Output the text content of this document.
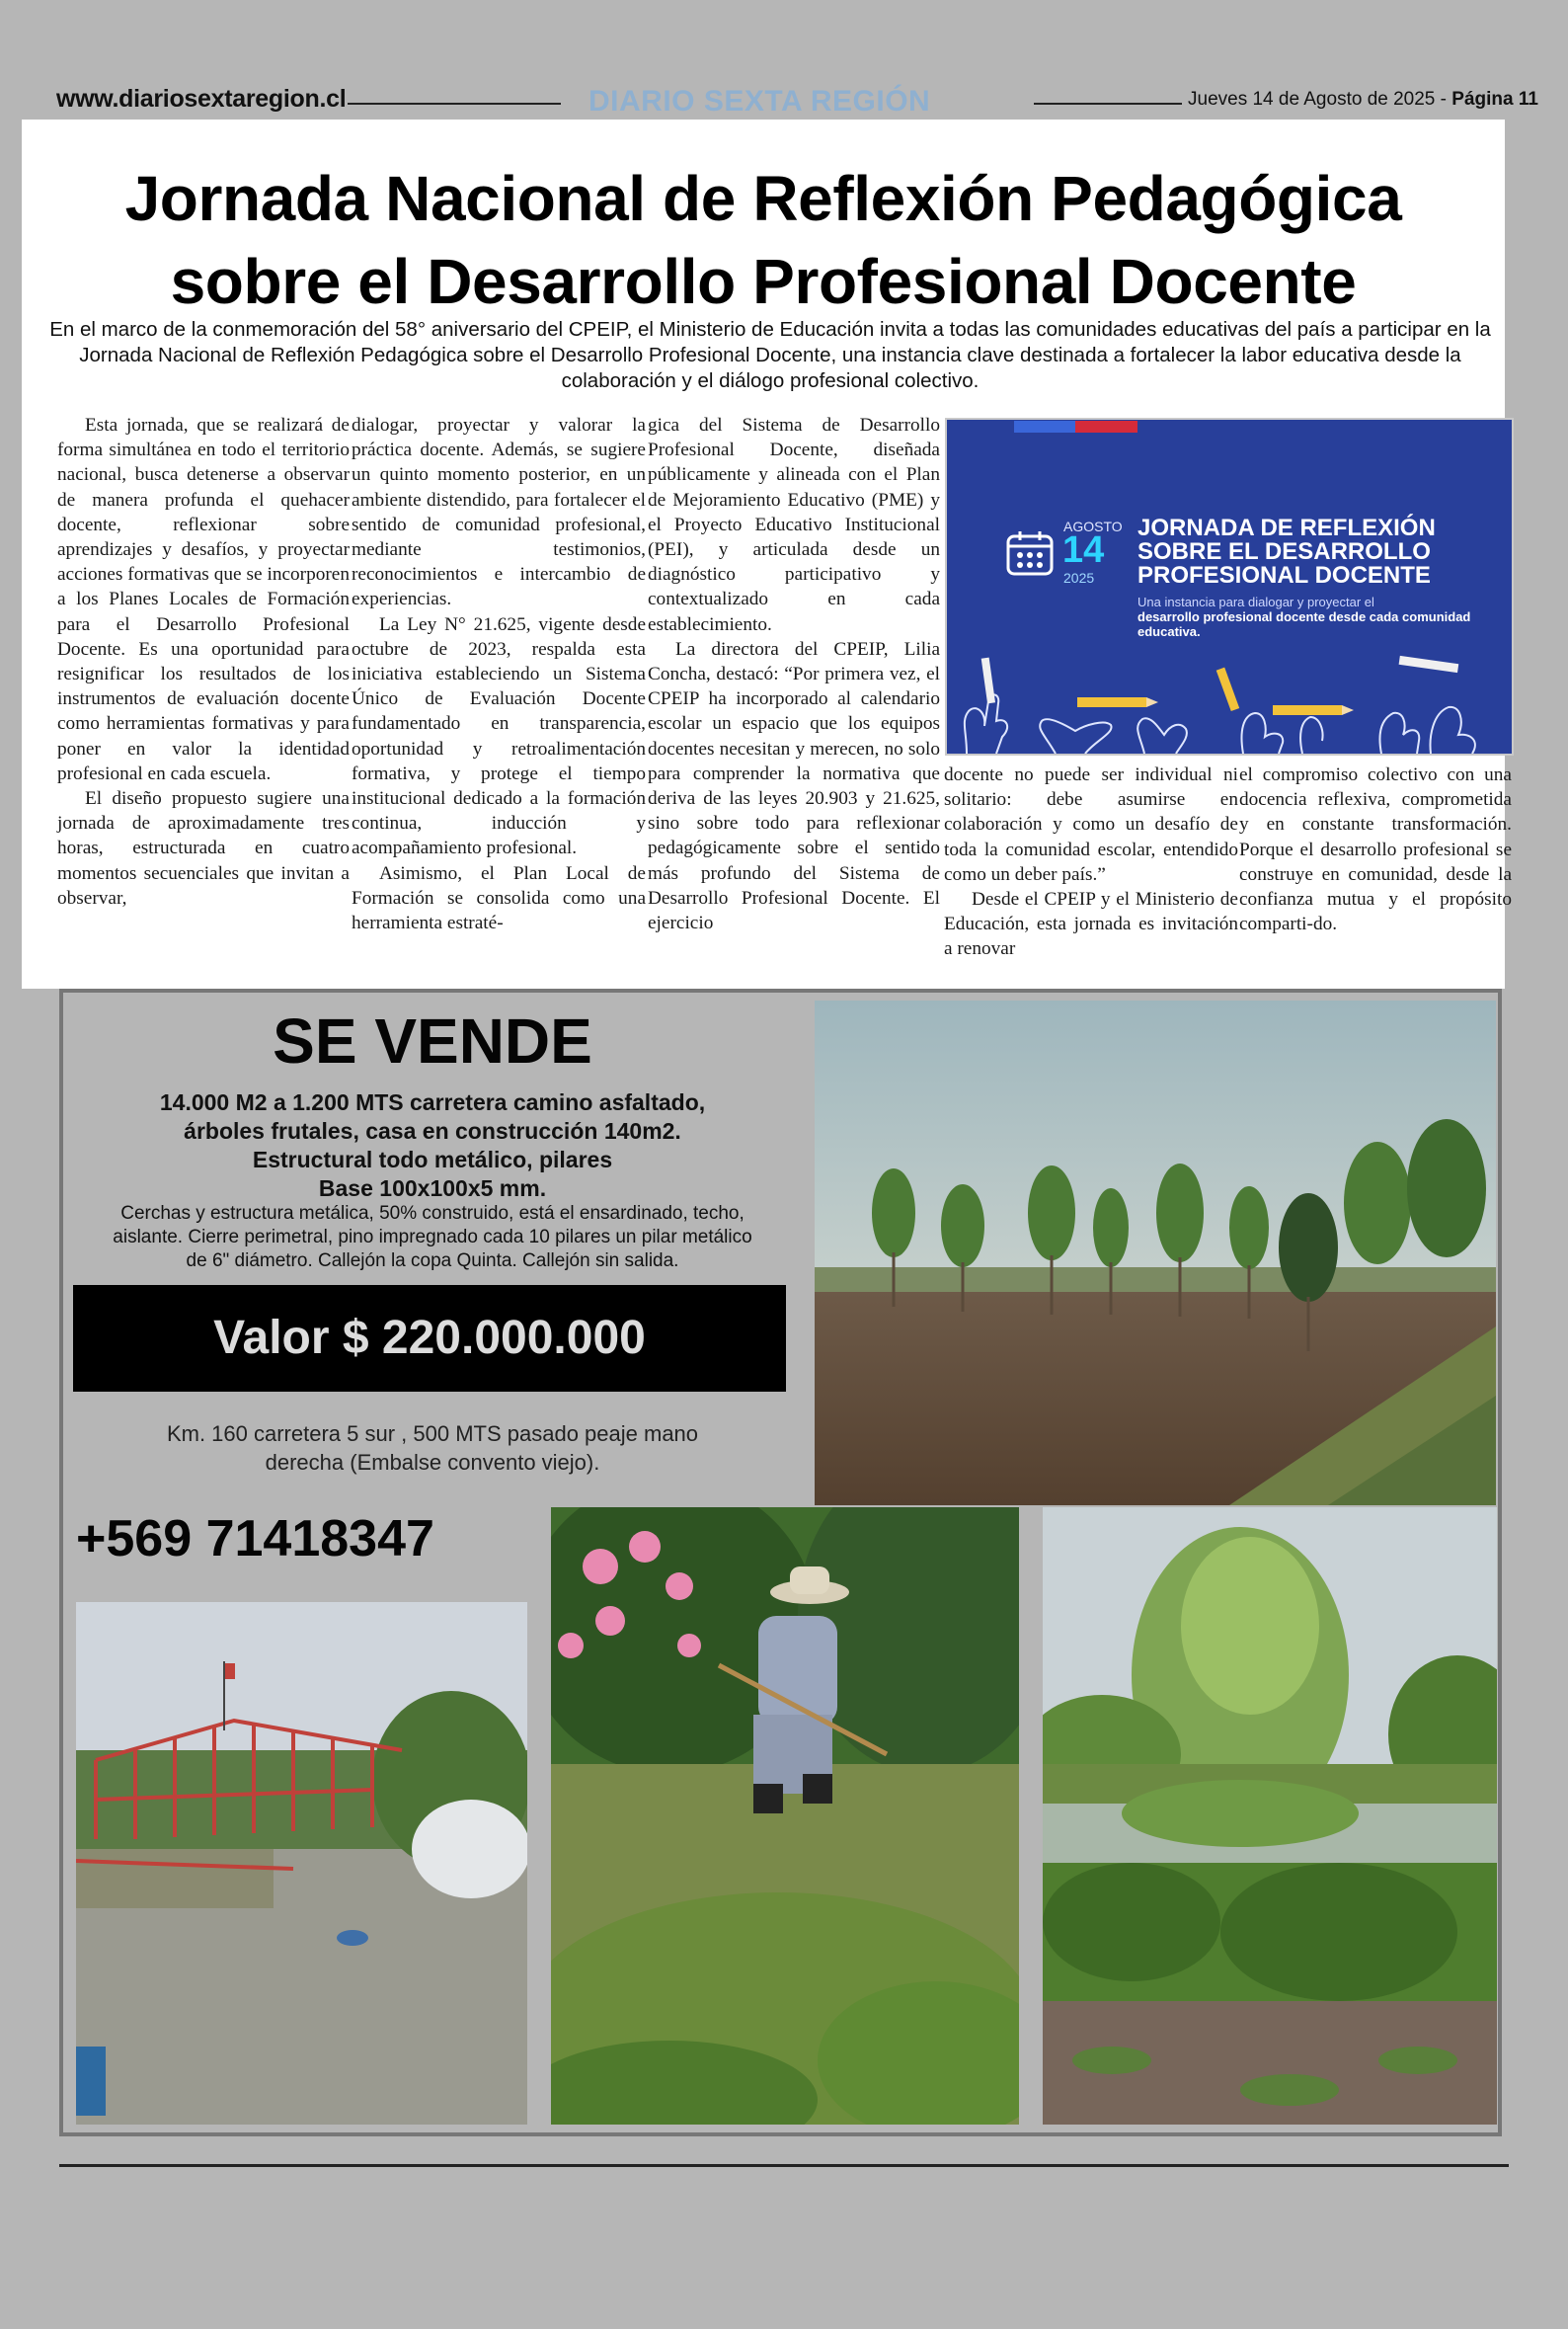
www.diariosextaregion.cl	DIARIO SEXTA REGIÓN	Jueves 14 de Agosto de 2025 - Página 11
Jornada Nacional de Reflexión Pedagógica
sobre el Desarrollo Profesional Docente
En el marco de la conmemoración del 58° aniversario del CPEIP, el Ministerio de Educación invita a todas las comunidades educativas del país a participar en la Jornada Nacional de Reflexión Pedagógica sobre el Desarrollo Profesional Docente, una instancia clave destinada a fortalecer la labor educativa desde la colaboración y el diálogo profesional colectivo.

Esta jornada, que se realizará de forma simultánea en todo el territorio nacional, busca detenerse a observar de manera profunda el quehacer docente, reflexionar sobre aprendizajes y desafíos, y proyectar acciones formativas que se incorporen a los Planes Locales de Formación para el Desarrollo Profesional Docente. Es una oportunidad para resignificar los resultados de los instrumentos de evaluación docente como herramientas formativas y para poner en valor la identidad profesional en cada escuela.

El diseño propuesto sugiere una jornada de aproximadamente tres horas, estructurada en cuatro momentos secuenciales que invitan a observar,

dialogar, proyectar y valorar la práctica docente. Además, se sugiere un quinto momento posterior, en un ambiente distendido, para fortalecer el sentido de comunidad profesional, mediante testimonios, reconocimientos e intercambio de experiencias.

La Ley N° 21.625, vigente desde octubre de 2023, respalda esta iniciativa estableciendo un Sistema Único de Evaluación Docente fundamentado en transparencia, oportunidad y retroalimentación formativa, y protege el tiempo institucional dedicado a la formación continua, inducción y acompañamiento profesional.

Asimismo, el Plan Local de Formación se consolida como una herramienta estraté-

gica del Sistema de Desarrollo Profesional Docente, diseñada públicamente y alineada con el Plan de Mejoramiento Educativo (PME) y el Proyecto Educativo Institucional (PEI), y articulada desde un diagnóstico participativo y contextualizado en cada establecimiento.

La directora del CPEIP, Lilia Concha, destacó: “Por primera vez, el CPEIP ha incorporado al calendario escolar un espacio que los equipos docentes necesitan y merecen, no solo para comprender la normativa que deriva de las leyes 20.903 y 21.625, sino sobre todo para reflexionar pedagógicamente sobre el sentido más profundo del Sistema de Desarrollo Profesional Docente. El ejercicio

docente no puede ser individual ni solitario: debe asumirse en colaboración y como un desafío de toda la comunidad escolar, entendido como un deber país.”

Desde el CPEIP y el Ministerio de Educación, esta jornada es invitación a renovar

el compromiso colectivo con una docencia reflexiva, comprometida y en constante transformación. Porque el desarrollo profesional se construye en comunidad, desde la confianza mutua y el propósito comparti-do.

AGOSTO
14
2025
JORNADA DE REFLEXIÓN SOBRE EL DESARROLLO PROFESIONAL DOCENTE
Una instancia para dialogar y proyectar el
desarrollo profesional docente desde cada comunidad educativa.
SE VENDE
14.000 M2 a 1.200 MTS carretera camino asfaltado,
árboles frutales, casa en construcción 140m2.
Estructural todo metálico, pilares
Base 100x100x5 mm.
Cerchas y estructura metálica, 50% construido, está el ensardinado, techo,
aislante. Cierre perimetral, pino impregnado cada 10 pilares un pilar metálico
de 6" diámetro. Callejón la copa Quinta. Callejón sin salida.
Valor $ 220.000.000
Km. 160 carretera 5 sur , 500 MTS pasado peaje mano
derecha (Embalse convento viejo).
+569 71418347
